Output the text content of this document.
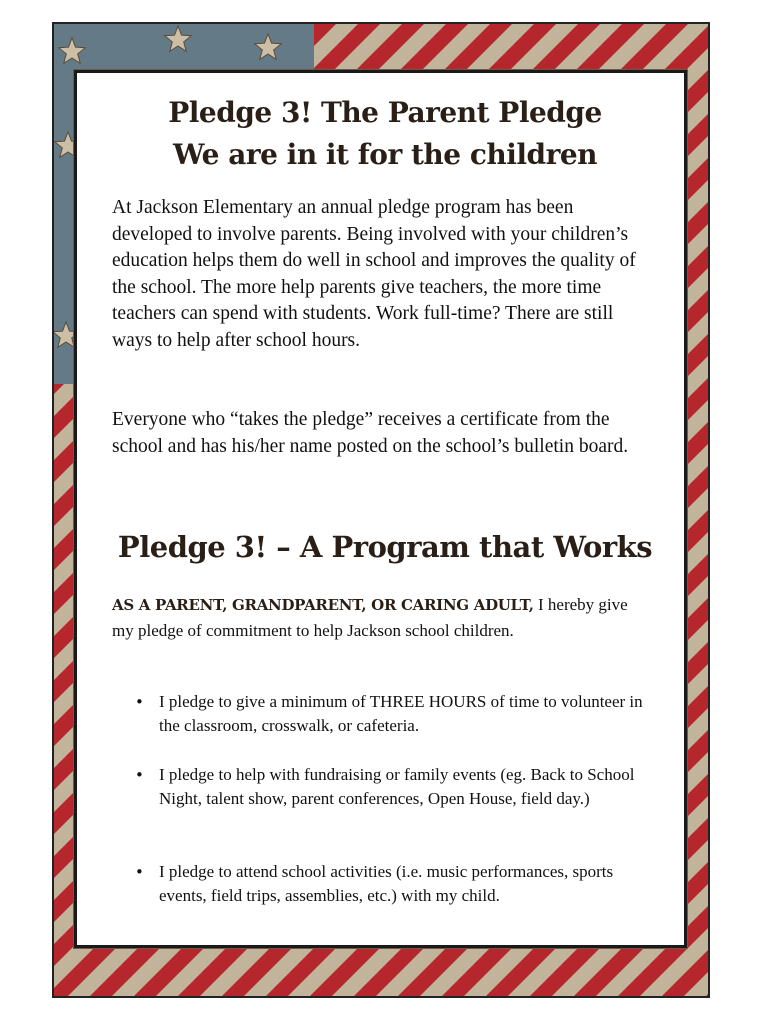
Pledge 3! The Parent Pledge
We are in it for the children

At Jackson Elementary an annual pledge program has been developed to involve parents. Being involved with your children’s education helps them do well in school and improves the quality of the school. The more help parents give teachers, the more time teachers can spend with students. Work full-time? There are still ways to help after school hours.

Everyone who “takes the pledge” receives a certificate from the school and has his/her name posted on the school’s bulletin board.

Pledge 3! – A Program that Works

AS A PARENT, GRANDPARENT, OR CARING ADULT, I hereby give my pledge of commitment to help Jackson school children.

•
I pledge to give a minimum of THREE HOURS of time to volunteer in the classroom, crosswalk, or cafeteria.
•
I pledge to help with fundraising or family events (eg. Back to School Night, talent show, parent conferences, Open House, field day.)
•
I pledge to attend school activities (i.e. music performances, sports events, field trips, assemblies, etc.) with my child.
